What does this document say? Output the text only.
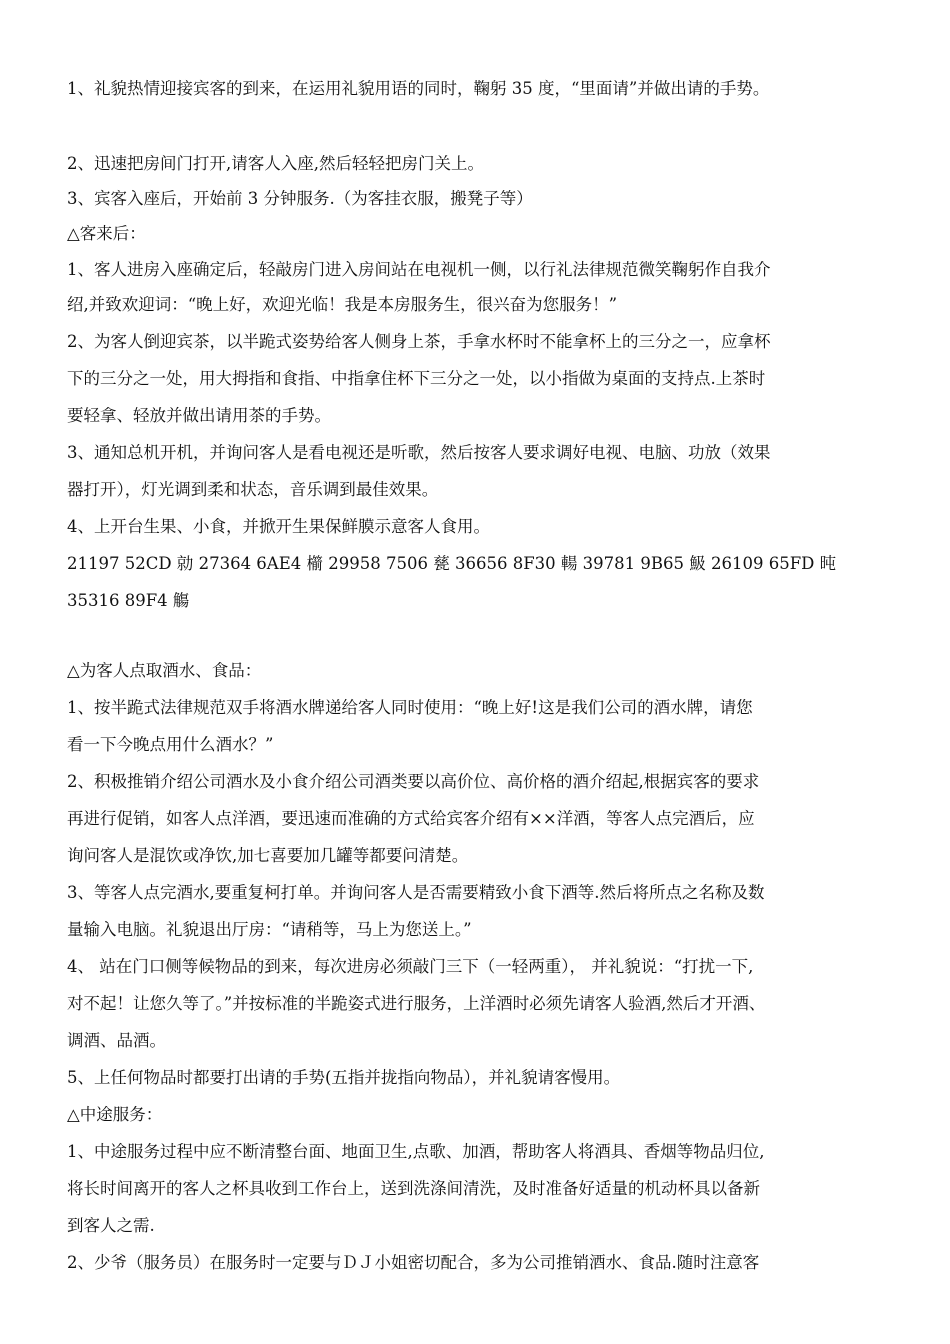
1、礼貌热情迎接宾客的到来，在运用礼貌用语的同时，鞠躬 35 度，“里面请”并做出请的手势。
2、迅速把房间门打开,请客人入座,然后轻轻把房门关上。
3、宾客入座后，开始前 3 分钟服务.（为客挂衣服，搬凳子等）
△客来后：
1、客人进房入座确定后，轻敲房门进入房间站在电视机一侧，以行礼法律规范微笑鞠躬作自我介
绍,并致欢迎词：“晚上好，欢迎光临！我是本房服务生，很兴奋为您服务！”
2、为客人倒迎宾茶，以半跪式姿势给客人侧身上茶，手拿水杯时不能拿杯上的三分之一，应拿杯
下的三分之一处，用大拇指和食指、中指拿住杯下三分之一处，以小指做为桌面的支持点.上茶时
要轻拿、轻放并做出请用茶的手势。
3、通知总机开机，并询问客人是看电视还是听歌，然后按客人要求调好电视、电脑、功放（效果
器打开），灯光调到柔和状态，音乐调到最佳效果。
4、上开台生果、小食，并掀开生果保鲜膜示意客人食用。
21197 52CD 勍 27364 6AE4 櫤 29958 7506 甆 36656 8F30 輰 39781 9B65 魥 26109 65FD 旽
35316 89F4 觴
△为客人点取酒水、食品：
1、按半跪式法律规范双手将酒水牌递给客人同时使用：“晚上好!这是我们公司的酒水牌，请您
看一下今晚点用什么酒水？”
2、积极推销介绍公司酒水及小食介绍公司酒类要以高价位、高价格的酒介绍起,根据宾客的要求
再进行促销，如客人点洋酒，要迅速而准确的方式给宾客介绍有××洋酒，等客人点完酒后，应
询问客人是混饮或净饮,加七喜要加几罐等都要问清楚。
3、等客人点完酒水,要重复柯打单。并询问客人是否需要精致小食下酒等.然后将所点之名称及数
量输入电脑。礼貌退出厅房：“请稍等，马上为您送上。”
4、 站在门口侧等候物品的到来，每次进房必须敲门三下（一轻两重）， 并礼貌说：“打扰一下,
对不起！让您久等了。”并按标准的半跪姿式进行服务，上洋酒时必须先请客人验酒,然后才开酒、
调酒、品酒。
5、上任何物品时都要打出请的手势(五指并拢指向物品），并礼貌请客慢用。
△中途服务：
1、中途服务过程中应不断清整台面、地面卫生,点歌、加酒，帮助客人将酒具、香烟等物品归位,
将长时间离开的客人之杯具收到工作台上，送到洗涤间清洗，及时准备好适量的机动杯具以备新
到客人之需.
2、少爷（服务员）在服务时一定要与ＤＪ小姐密切配合，多为公司推销酒水、食品.随时注意客
